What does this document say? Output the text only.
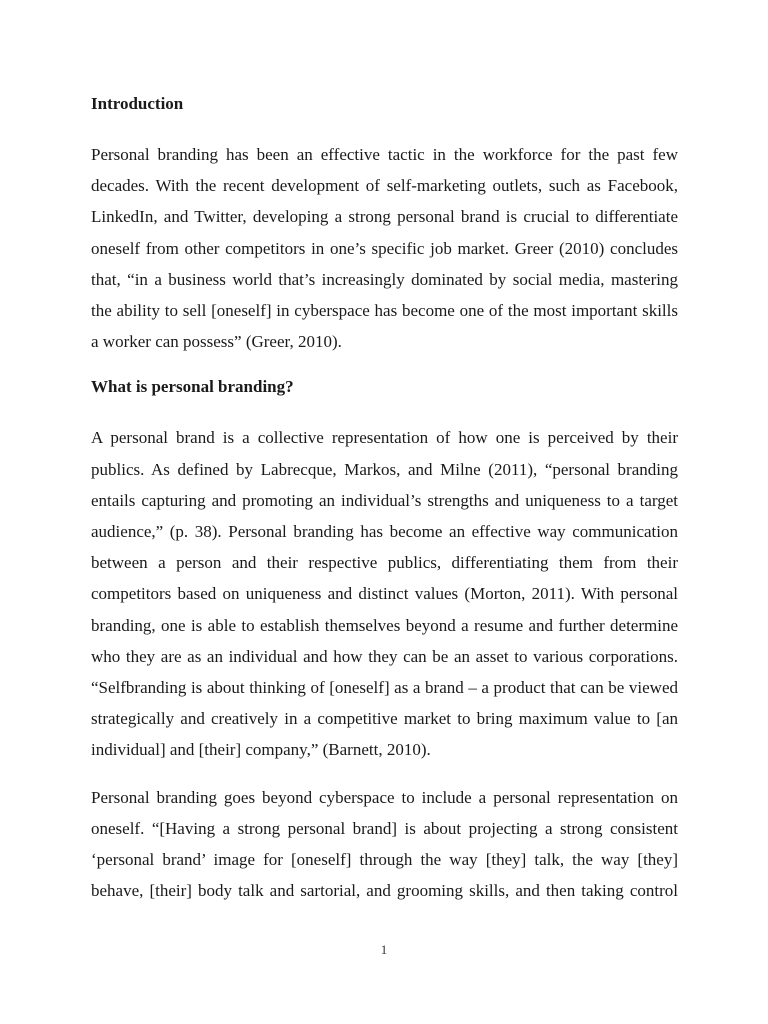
Introduction

Personal branding has been an effective tactic in the workforce for the past few decades. With the recent development of self-marketing outlets, such as Facebook, LinkedIn, and Twitter, developing a strong personal brand is crucial to differentiate oneself from other competitors in one’s specific job market. Greer (2010) concludes that, “in a business world that’s increasingly dominated by social media, mastering the ability to sell [oneself] in cyberspace has become one of the most important skills a worker can possess” (Greer, 2010).

What is personal branding?

A personal brand is a collective representation of how one is perceived by their publics. As defined by Labrecque, Markos, and Milne (2011), “personal branding entails capturing and promoting an individual’s strengths and uniqueness to a target audience,” (p. 38). Personal branding has become an effective way communication between a person and their respective publics, differentiating them from their competitors based on uniqueness and distinct values (Morton, 2011). With personal branding, one is able to establish themselves beyond a resume and further determine who they are as an individual and how they can be an asset to various corporations. “Selfbranding is about thinking of [oneself] as a brand – a product that can be viewed strategically and creatively in a competitive market to bring maximum value to [an individual] and [their] company,” (Barnett, 2010).

Personal branding goes beyond cyberspace to include a personal representation on oneself. “[Having a strong personal brand] is about projecting a strong consistent ‘personal brand’ image for [oneself] through the way [they] talk, the way [they] behave, [their] body talk and sartorial, and grooming skills, and then taking control

1
